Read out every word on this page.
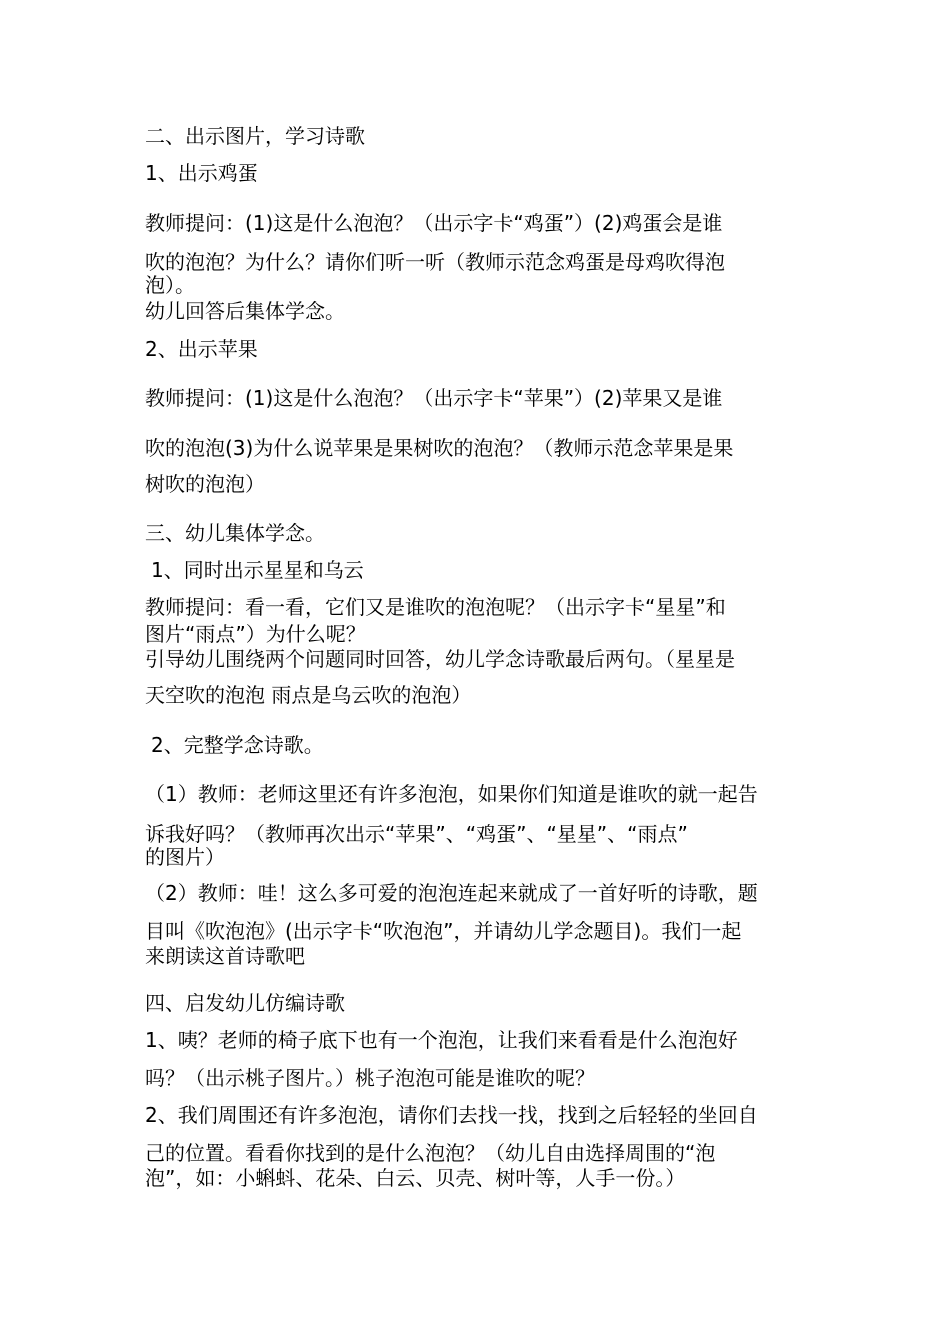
二、出示图片，学习诗歌

1、出示鸡蛋

教师提问：(1)这是什么泡泡？（出示字卡“鸡蛋”）(2)鸡蛋会是谁

吹的泡泡？为什么？请你们听一听（教师示范念鸡蛋是母鸡吹得泡

泡）。

幼儿回答后集体学念。

2、出示苹果

教师提问：(1)这是什么泡泡？（出示字卡“苹果”）(2)苹果又是谁

吹的泡泡(3)为什么说苹果是果树吹的泡泡？（教师示范念苹果是果

树吹的泡泡）

三、幼儿集体学念。

1、同时出示星星和乌云

教师提问：看一看，它们又是谁吹的泡泡呢？（出示字卡“星星”和

图片“雨点”）为什么呢？

引导幼儿围绕两个问题同时回答，幼儿学念诗歌最后两句。（星星是

天空吹的泡泡 雨点是乌云吹的泡泡）

2、完整学念诗歌。

（1）教师：老师这里还有许多泡泡，如果你们知道是谁吹的就一起告

诉我好吗？（教师再次出示“苹果”、“鸡蛋”、“星星”、“雨点”

的图片）

（2）教师：哇！这么多可爱的泡泡连起来就成了一首好听的诗歌，题

目叫《吹泡泡》(出示字卡“吹泡泡”，并请幼儿学念题目)。我们一起

来朗读这首诗歌吧

四、启发幼儿仿编诗歌

1、咦？老师的椅子底下也有一个泡泡，让我们来看看是什么泡泡好

吗？（出示桃子图片。）桃子泡泡可能是谁吹的呢？

2、我们周围还有许多泡泡，请你们去找一找，找到之后轻轻的坐回自

己的位置。看看你找到的是什么泡泡？（幼儿自由选择周围的“泡

泡”，如：小蝌蚪、花朵、白云、贝壳、树叶等，人手一份。）
